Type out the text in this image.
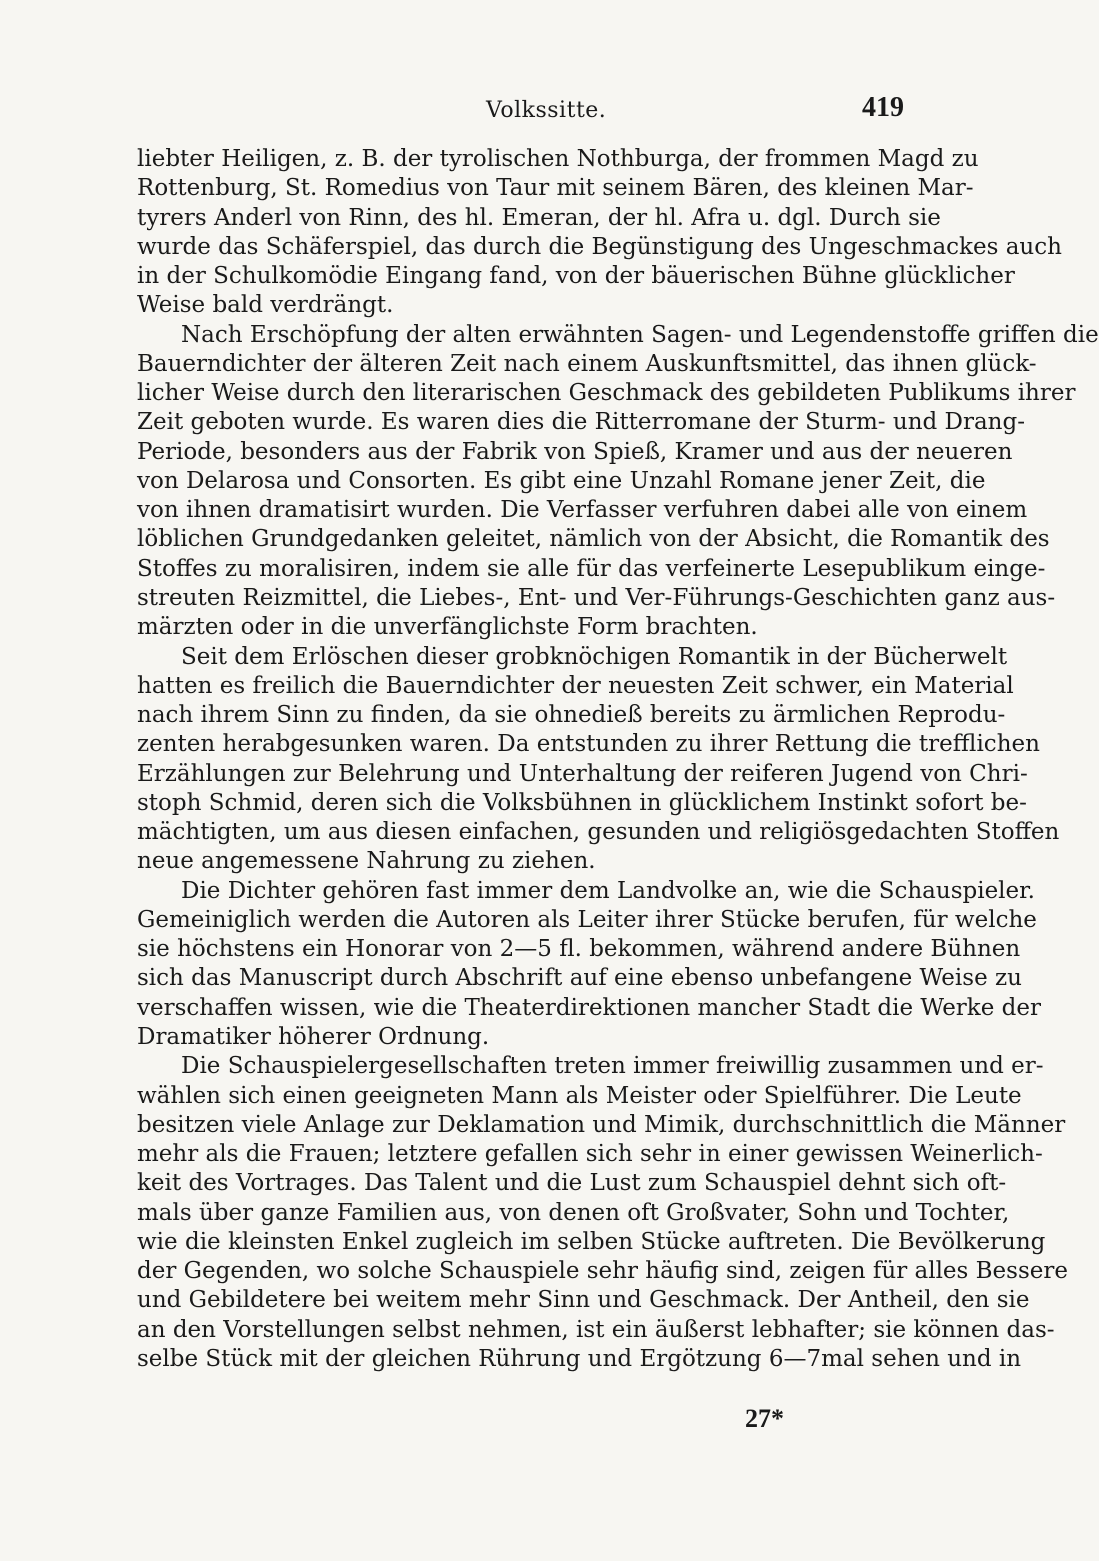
Volkssitte.	419
liebter Heiligen, z. B. der tyrolischen Nothburga, der frommen Magd zu
Rottenburg, St. Romedius von Taur mit seinem Bären, des kleinen Mar-
tyrers Anderl von Rinn, des hl. Emeran, der hl. Afra u. dgl. Durch sie
wurde das Schäferspiel, das durch die Begünstigung des Ungeschmackes auch
in der Schulkomödie Eingang fand, von der bäuerischen Bühne glücklicher
Weise bald verdrängt.
Nach Erschöpfung der alten erwähnten Sagen- und Legendenstoffe griffen die
Bauerndichter der älteren Zeit nach einem Auskunftsmittel, das ihnen glück-
licher Weise durch den literarischen Geschmack des gebildeten Publikums ihrer
Zeit geboten wurde. Es waren dies die Ritterromane der Sturm- und Drang-
Periode, besonders aus der Fabrik von Spieß, Kramer und aus der neueren
von Delarosa und Consorten. Es gibt eine Unzahl Romane jener Zeit, die
von ihnen dramatisirt wurden. Die Verfasser verfuhren dabei alle von einem
löblichen Grundgedanken geleitet, nämlich von der Absicht, die Romantik des
Stoffes zu moralisiren, indem sie alle für das verfeinerte Lesepublikum einge-
streuten Reizmittel, die Liebes-, Ent- und Ver-Führungs-Geschichten ganz aus-
märzten oder in die unverfänglichste Form brachten.
Seit dem Erlöschen dieser grobknöchigen Romantik in der Bücherwelt
hatten es freilich die Bauerndichter der neuesten Zeit schwer, ein Material
nach ihrem Sinn zu finden, da sie ohnedieß bereits zu ärmlichen Reprodu-
zenten herabgesunken waren. Da entstunden zu ihrer Rettung die trefflichen
Erzählungen zur Belehrung und Unterhaltung der reiferen Jugend von Chri-
stoph Schmid, deren sich die Volksbühnen in glücklichem Instinkt sofort be-
mächtigten, um aus diesen einfachen, gesunden und religiösgedachten Stoffen
neue angemessene Nahrung zu ziehen.
Die Dichter gehören fast immer dem Landvolke an, wie die Schauspieler.
Gemeiniglich werden die Autoren als Leiter ihrer Stücke berufen, für welche
sie höchstens ein Honorar von 2—5 fl. bekommen, während andere Bühnen
sich das Manuscript durch Abschrift auf eine ebenso unbefangene Weise zu
verschaffen wissen, wie die Theaterdirektionen mancher Stadt die Werke der
Dramatiker höherer Ordnung.
Die Schauspielergesellschaften treten immer freiwillig zusammen und er-
wählen sich einen geeigneten Mann als Meister oder Spielführer. Die Leute
besitzen viele Anlage zur Deklamation und Mimik, durchschnittlich die Männer
mehr als die Frauen; letztere gefallen sich sehr in einer gewissen Weinerlich-
keit des Vortrages. Das Talent und die Lust zum Schauspiel dehnt sich oft-
mals über ganze Familien aus, von denen oft Großvater, Sohn und Tochter,
wie die kleinsten Enkel zugleich im selben Stücke auftreten. Die Bevölkerung
der Gegenden, wo solche Schauspiele sehr häufig sind, zeigen für alles Bessere
und Gebildetere bei weitem mehr Sinn und Geschmack. Der Antheil, den sie
an den Vorstellungen selbst nehmen, ist ein äußerst lebhafter; sie können das-
selbe Stück mit der gleichen Rührung und Ergötzung 6—7mal sehen und in
27*
